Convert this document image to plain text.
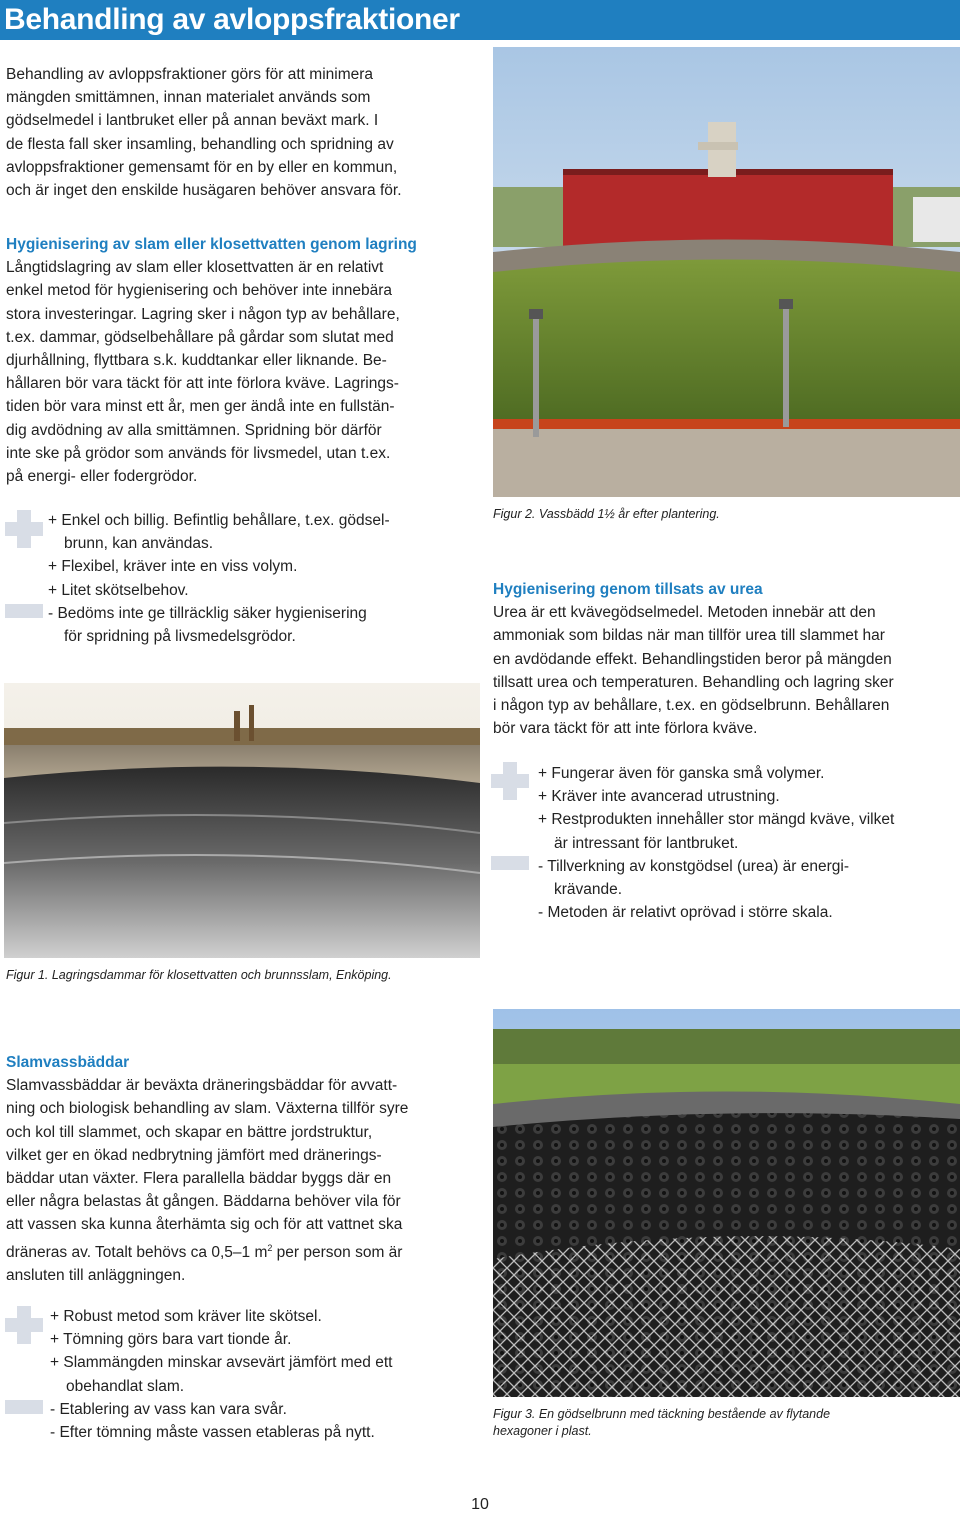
Behandling av avloppsfraktioner
Behandling av avloppsfraktioner görs för att minimera
mängden smittämnen, innan materialet används som
gödselmedel i lantbruket eller på annan beväxt mark. I
de flesta fall sker insamling, behandling och spridning av
avloppsfraktioner gemensamt för en by eller en kommun,
och är inget den enskilde husägaren behöver ansvara för.
Hygienisering av slam eller klosettvatten genom lagring
Långtidslagring av slam eller klosettvatten är en relativt
enkel metod för hygienisering och behöver inte innebära
stora investeringar. Lagring sker i någon typ av behållare,
t.ex. dammar, gödselbehållare på gårdar som slutat med
djurhållning, flyttbara s.k. kuddtankar eller liknande. Be-
hållaren bör vara täckt för att inte förlora kväve. Lagrings-
tiden bör vara minst ett år, men ger ändå inte en fullstän-
dig avdödning av alla smittämnen. Spridning bör därför
inte ske på grödor som används för livsmedel, utan t.ex.
på energi- eller fodergrödor.
+ Enkel och billig. Befintlig behållare, t.ex. gödsel-
brunn, kan användas.
+ Flexibel, kräver inte en viss volym.
+ Litet skötselbehov.
- Bedöms inte ge tillräcklig säker hygienisering
för spridning på livsmedelsgrödor.
Figur 2. Vassbädd 1½ år efter plantering.
Hygienisering genom tillsats av urea
Urea är ett kvävegödselmedel. Metoden innebär att den
ammoniak som bildas när man tillför urea till slammet har
en avdödande effekt. Behandlingstiden beror på mängden
tillsatt urea och temperaturen. Behandling och lagring sker
i någon typ av behållare, t.ex. en gödselbrunn. Behållaren
bör vara täckt för att inte förlora kväve.
+ Fungerar även för ganska små volymer.
+ Kräver inte avancerad utrustning.
+ Restprodukten innehåller stor mängd kväve, vilket
är intressant för lantbruket.
- Tillverkning av konstgödsel (urea) är energi-
krävande.
- Metoden är relativt oprövad i större skala.
Figur 1. Lagringsdammar för klosettvatten och brunnsslam, Enköping.
Slamvassbäddar
Slamvassbäddar är beväxta dräneringsbäddar för avvatt-
ning och biologisk behandling av slam. Växterna tillför syre
och kol till slammet, och skapar en bättre jordstruktur,
vilket ger en ökad nedbrytning jämfört med dränerings-
bäddar utan växter. Flera parallella bäddar byggs där en
eller några belastas åt gången. Bäddarna behöver vila för
att vassen ska kunna återhämta sig och för att vattnet ska
dräneras av. Totalt behövs ca 0,5–1 $m^2$ per person som är
ansluten till anläggningen.
+ Robust metod som kräver lite skötsel.
+ Tömning görs bara vart tionde år.
+ Slammängden minskar avsevärt jämfört med ett
obehandlat slam.
- Etablering av vass kan vara svår.
- Efter tömning måste vassen etableras på nytt.
Figur 3. En gödselbrunn med täckning bestående av flytande
hexagoner i plast.
10
